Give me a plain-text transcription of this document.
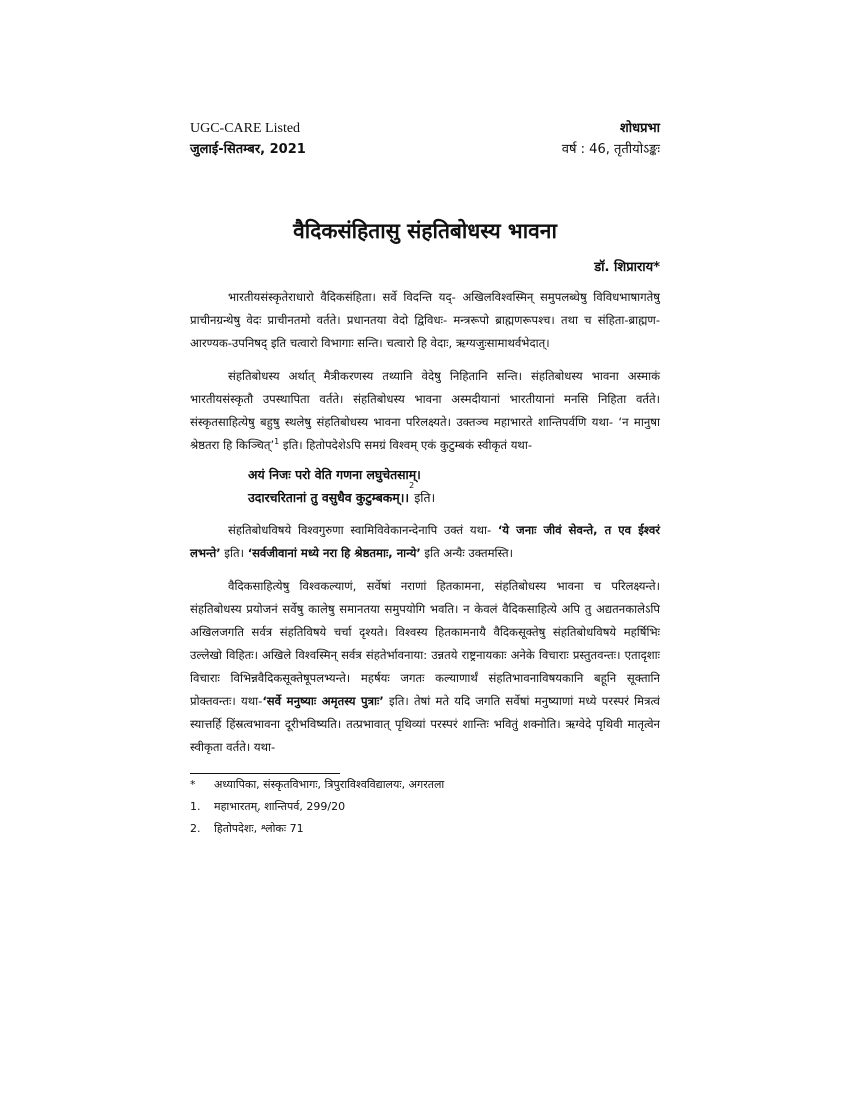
UGC-CARE Listed	शोधप्रभा
जुलाई-सितम्बर, 2021	वर्ष : 46, तृतीयोऽङ्कः
वैदिकसंहितासु संहतिबोधस्य भावना
डॉ. शिप्राराय*

भारतीयसंस्कृतेराधारो वैदिकसंहिता। सर्वे विदन्ति यद्- अखिलविश्वस्मिन् समुपलब्धेषु विविधभाषागतेषु प्राचीनग्रन्थेषु वेदः प्राचीनतमो वर्तते। प्रधानतया वेदो द्विविधः- मन्त्ररूपो ब्राह्मणरूपश्च। तथा च संहिता-ब्राह्मण-आरण्यक-उपनिषद् इति चत्वारो विभागाः सन्ति। चत्वारो हि वेदाः, ऋग्यजुःसामाथर्वभेदात्।

संहतिबोधस्य अर्थात् मैत्रीकरणस्य तथ्यानि वेदेषु निहितानि सन्ति। संहतिबोधस्य भावना अस्माकं भारतीयसंस्कृतौ उपस्थापिता वर्तते। संहतिबोधस्य भावना अस्मदीयानां भारतीयानां मनसि निहिता वर्तते। संस्कृतसाहित्येषु बहुषु स्थलेषु संहतिबोधस्य भावना परिलक्ष्यते। उक्तञ्च महाभारते शान्तिपर्वणि यथा- ‘न मानुषा श्रेष्ठतरा हि किञ्चित्’$^1$ इति। हितोपदेशेऽपि समग्रं विश्वम् एकं कुटुम्बकं स्वीकृतं यथा-

अयं निजः परो वेति गणना लघुचेतसाम्।
उदारचरितानां तु वसुधैव कुटुम्बकम्।।
2
इति।

संहतिबोधविषये विश्वगुरुणा स्वामिविवेकानन्देनापि उक्तं यथा- ‘ये जनाः जीवं सेवन्ते, त एव ईश्वरं लभन्ते’ इति। ‘सर्वजीवानां मध्ये नरा हि श्रेष्ठतमाः, नान्ये’ इति अन्यैः उक्तमस्ति।

वैदिकसाहित्येषु विश्वकल्याणं, सर्वेषां नराणां हितकामना, संहतिबोधस्य भावना च परिलक्ष्यन्ते। संहतिबोधस्य प्रयोजनं सर्वेषु कालेषु समानतया समुपयोगि भवति। न केवलं वैदिकसाहित्ये अपि तु अद्यतनकालेऽपि अखिलजगति सर्वत्र संहतिविषये चर्चा दृश्यते। विश्वस्य हितकामनायै वैदिकसूक्तेषु संहतिबोधविषये महर्षिभिः उल्लेखो विहितः। अखिले विश्वस्मिन् सर्वत्र संहतेर्भावनाया: उन्नतये राष्ट्रनायकाः अनेके विचाराः प्रस्तुतवन्तः। एतादृशाः विचाराः विभिन्नवैदिकसूक्तेषूपलभ्यन्ते। महर्षयः जगतः कल्याणार्थं संहतिभावनाविषयकानि बहूनि सूक्तानि प्रोक्तवन्तः। यथा-‘सर्वे मनुष्याः अमृतस्य पुत्राः’ इति। तेषां मते यदि जगति सर्वेषां मनुष्याणां मध्ये परस्परं मित्रत्वं स्यात्तर्हि हिंस्रत्वभावना दूरीभविष्यति। तत्प्रभावात् पृथिव्यां परस्परं शान्तिः भवितुं शक्नोति। ऋग्वेदे पृथिवी मातृत्वेन स्वीकृता वर्तते। यथा-

*	अध्यापिका, संस्कृतविभागः, त्रिपुराविश्वविद्यालयः, अगरतला
1.	महाभारतम्, शान्तिपर्व, 299/20
2.	हितोपदेशः, श्लोकः 71
